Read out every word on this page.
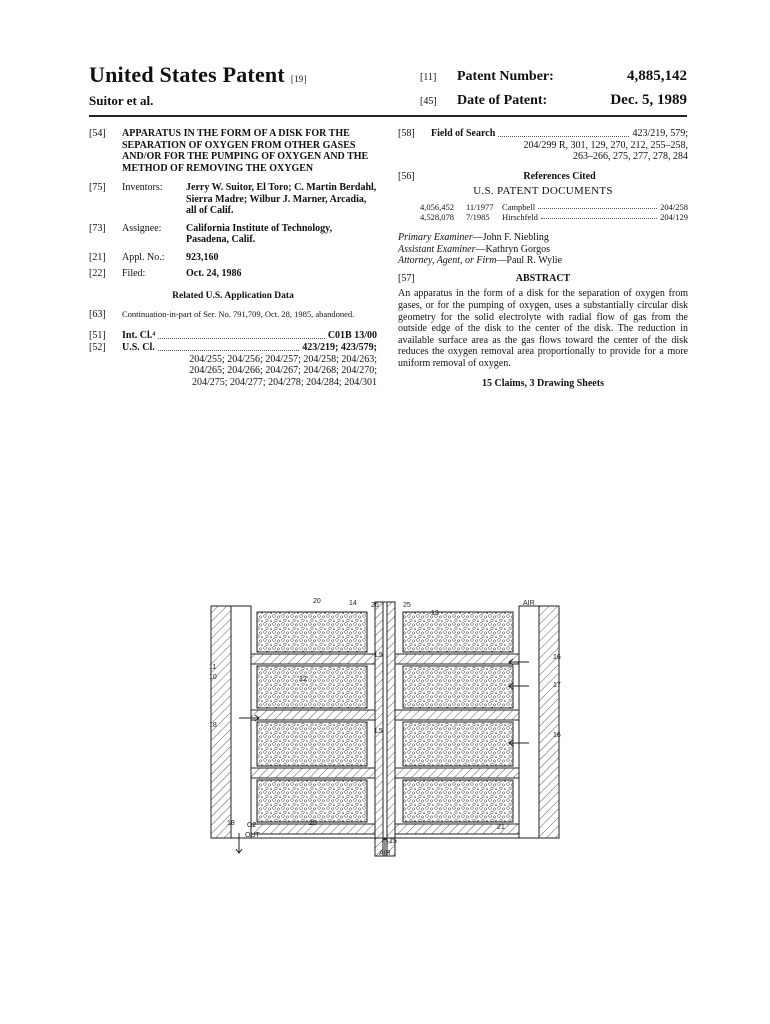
United States Patent [19]
Suitor et al.
[11] Patent Number:	4,885,142
[45] Date of Patent:	Dec. 5, 1989
[54]	APPARATUS IN THE FORM OF A DISK FOR THE SEPARATION OF OXYGEN FROM OTHER GASES AND/OR FOR THE PUMPING OF OXYGEN AND THE METHOD OF REMOVING THE OXYGEN
[75]	Inventors:	Jerry W. Suitor, El Toro; C. Martin Berdahl, Sierra Madre; Wilbur J. Marner, Arcadia, all of Calif.
[73]	Assignee:	California Institute of Technology, Pasadena, Calif.
[21]	Appl. No.:	923,160
[22]	Filed:	Oct. 24, 1986
Related U.S. Application Data
[63]	Continuation-in-part of Ser. No. 791,709, Oct. 28, 1985, abandoned.
[51]	Int. Cl.⁴	C01B 13/00
[52]	U.S. Cl.	423/219; 423/579;
204/255; 204/256; 204/257; 204/258; 204/263;
204/265; 204/266; 204/267; 204/268; 204/270;
204/275; 204/277; 204/278; 204/284; 204/301
[58]	Field of Search	423/219, 579;
204/299 R, 301, 129, 270, 212, 255–258,
263–266, 275, 277, 278, 284
[56]	References Cited
U.S. PATENT DOCUMENTS
4,056,452	11/1977 Campbell	204/258
4,528,078	7/1985	Hirschfeld	204/129
Primary Examiner—John F. Niebling
Assistant Examiner—Kathryn Gorgos
Attorney, Agent, or Firm—Paul R. Wylie
[57]	ABSTRACT
An apparatus in the form of a disk for the separation of oxygen from gases, or for the pumping of oxygen, uses a substantially circular disk geometry for the solid electrolyte with radial flow of gas from the outside edge of the disk to the center of the disk. The reduction in available surface area as the gas flows toward the center of the disk reduces the oxygen removal area proportionally to provide for a more uniform removal of oxygen.
15 Claims, 3 Drawing Sheets
20	14 26	25
13
AIR
16
11
10	12
17
18
L5
L5
16
18 O2
OUT
20
15
AIR
21
